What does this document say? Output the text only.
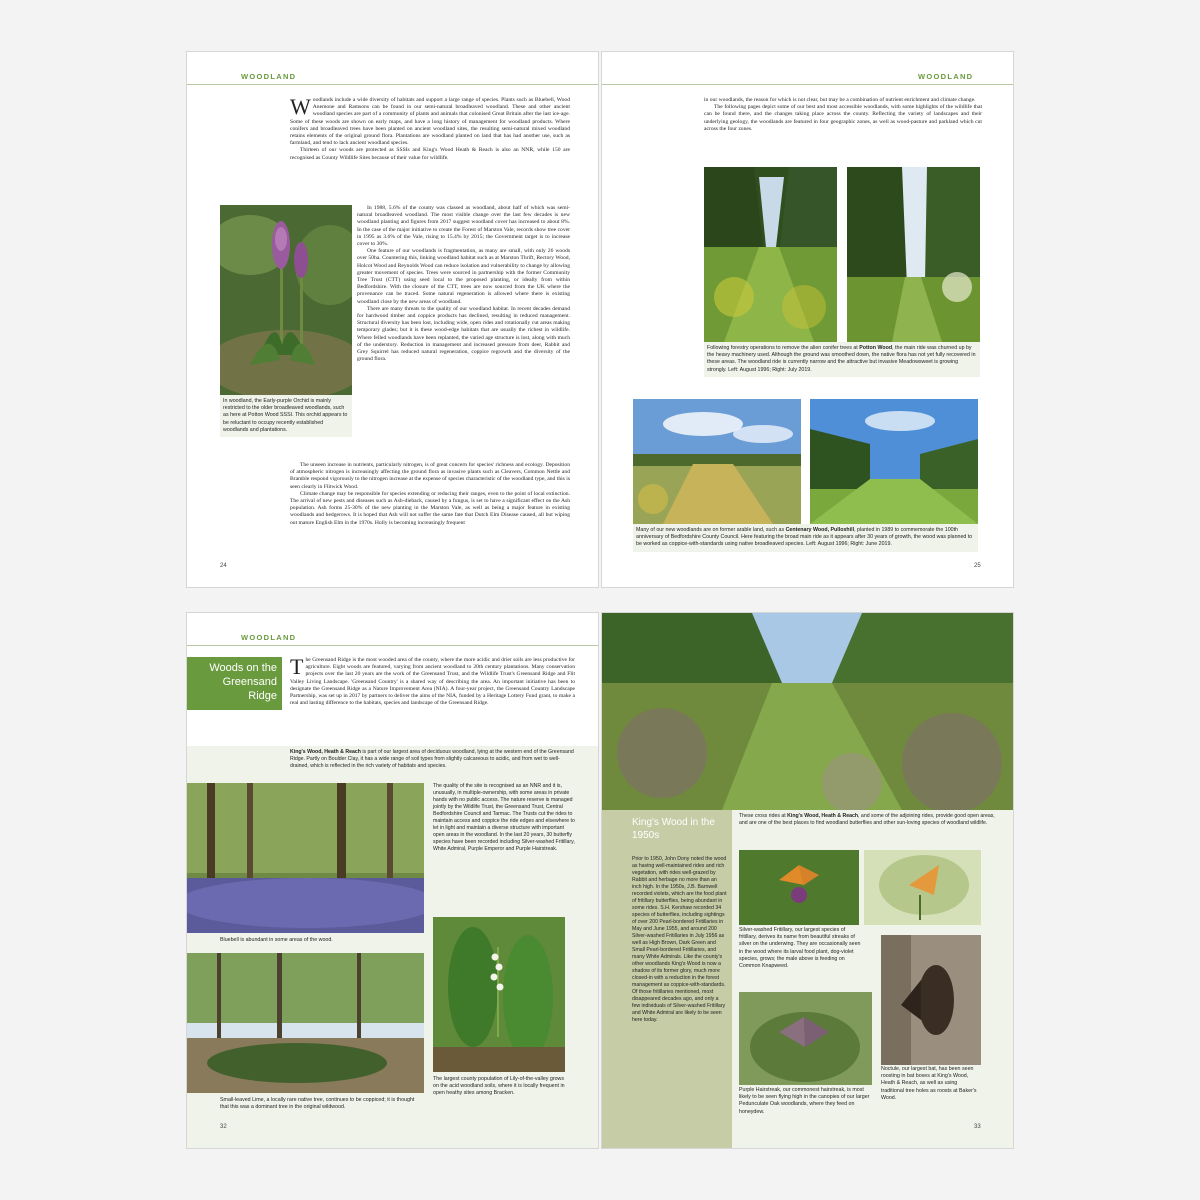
WOODLAND
Woodlands include a wide diversity of habitats and support a large range of species. Plants such as Bluebell, Wood Anemone and Ramsons can be found in our semi-natural broadleaved woodland. These and other ancient woodland species are part of a community of plants and animals that colonised Great Britain after the last ice-age. Some of these woods are shown on early maps, and have a long history of management for woodland products. Where conifers and broadleaved trees have been planted on ancient woodland sites, the resulting semi-natural mixed woodland retains elements of the original ground flora. Plantations are woodland planted on land that has had another use, such as farmland, and tend to lack ancient woodland species.

Thirteen of our woods are protected as SSSIs and King's Wood Heath & Reach is also an NNR, while 150 are recognised as County Wildlife Sites because of their value for wildlife.

In woodland, the Early-purple Orchid is mainly restricted to the older broadleaved woodlands, such as here at Potton Wood SSSI. This orchid appears to be reluctant to occupy recently established woodlands and plantations.

In 1988, 5.6% of the county was classed as woodland, about half of which was semi-natural broadleaved woodland. The most visible change over the last few decades is new woodland planting and figures from 2017 suggest woodland cover has increased to about 8%. In the case of the major initiative to create the Forest of Marston Vale, records show tree cover in 1995 as 3.6% of the Vale, rising to 15.4% by 2015; the Government target is to increase cover to 30%.

One feature of our woodlands is fragmentation, as many are small, with only 26 woods over 50ha. Countering this, linking woodland habitat such as at Marston Thrift, Rectory Wood, Holcot Wood and Reynolds Wood can reduce isolation and vulnerability to change by allowing greater movement of species. Trees were sourced in partnership with the former Community Tree Trust (CTT) using seed local to the proposed planting, or ideally from within Bedfordshire. With the closure of the CTT, trees are now sourced from the UK where the provenance can be traced. Some natural regeneration is allowed where there is existing woodland close by the new areas of woodland.

There are many threats to the quality of our woodland habitat. In recent decades demand for hardwood timber and coppice products has declined, resulting in reduced management. Structural diversity has been lost, including wide, open rides and rotationally cut areas making temporary glades; but it is these wood-edge habitats that are usually the richest in wildlife. Where felled woodlands have been replanted, the varied age structure is lost, along with much of the understory. Reduction in management and increased pressure from deer, Rabbit and Grey Squirrel has reduced natural regeneration, coppice regrowth and the diversity of the ground flora.

The unseen increase in nutrients, particularly nitrogen, is of great concern for species' richness and ecology. Deposition of atmospheric nitrogen is increasingly affecting the ground flora as invasive plants such as Cleavers, Common Nettle and Bramble respond vigorously to the nitrogen increase at the expense of species characteristic of the woodland type, and this is seen clearly in Flitwick Wood.

Climate change may be responsible for species extending or reducing their ranges, even to the point of local extinction. The arrival of new pests and diseases such as Ash-dieback, caused by a fungus, is set to have a significant effect on the Ash population. Ash forms 25-30% of the new planting in the Marston Vale, as well as being a major feature in existing woodlands and hedgerows. It is hoped that Ash will not suffer the same fate that Dutch Elm Disease caused, all but wiping out mature English Elm in the 1970s. Holly is becoming increasingly frequent

24
WOODLAND

in our woodlands, the reason for which is not clear, but may be a combination of nutrient enrichment and climate change.

The following pages depict some of our best and most accessible woodlands, with some highlights of the wildlife that can be found there, and the changes taking place across the county. Reflecting the variety of landscapes and their underlying geology, the woodlands are featured in four geographic zones, as well as wood-pasture and parkland which cut across the four zones.

Following forestry operations to remove the alien conifer trees at Potton Wood, the main ride was churned up by the heavy machinery used. Although the ground was smoothed down, the native flora has not yet fully recovered in these areas. The woodland ride is currently narrow and the attractive but invasive Meadowsweet is growing strongly. Left: August 1996; Right: July 2019.
Many of our new woodlands are on former arable land, such as Centenary Wood, Pulloxhill, planted in 1989 to commemorate the 100th anniversary of Bedfordshire County Council. Here featuring the broad main ride as it appears after 30 years of growth, the wood was planned to be worked as coppice-with-standards using native broadleaved species. Left: August 1996; Right: June 2019.
25
WOODLAND
Woods on the Greensand Ridge
The Greensand Ridge is the most wooded area of the county, where the more acidic and drier soils are less productive for agriculture. Eight woods are featured, varying from ancient woodland to 20th century plantations. Many conservation projects over the last 20 years are the work of the Greensand Trust, and the Wildlife Trust's Greensand Ridge and Flit Valley Living Landscape. 'Greensand Country' is a shared way of describing the area. An important initiative has been to designate the Greensand Ridge as a Nature Improvement Area (NIA). A four-year project, the Greensand Country Landscape Partnership, was set up in 2017 by partners to deliver the aims of the NIA, funded by a Heritage Lottery Fund grant, to make a real and lasting difference to the habitats, species and landscape of the Greensand Ridge.
King's Wood, Heath & Reach is part of our largest area of deciduous woodland, lying at the western end of the Greensand Ridge. Partly on Boulder Clay, it has a wide range of soil types from slightly calcareous to acidic, and from wet to well-drained, which is reflected in the rich variety of habitats and species.
Bluebell is abundant in some areas of the wood.
The quality of the site is recognised as an NNR and it is, unusually, in multiple-ownership, with some areas in private hands with no public access. The nature reserve is managed jointly by the Wildlife Trust, the Greensand Trust, Central Bedfordshire Council and Tarmac. The Trusts cut the rides to maintain access and coppice the ride edges and elsewhere to let in light and maintain a diverse structure with important open areas in the woodland. In the last 20 years, 30 butterfly species have been recorded including Silver-washed Fritillary, White Admiral, Purple Emperor and Purple Hairstreak.
Small-leaved Lime, a locally rare native tree, continues to be coppiced; it is thought that this was a dominant tree in the original wildwood.
The largest county population of Lily-of-the-valley grows on the acid woodland soils, where it is locally frequent in open heathy sites among Bracken.
32
King's Wood in the 1950s
Prior to 1950, John Dony noted the wood as having well-maintained rides and rich vegetation, with rides well-grazed by Rabbit and herbage no more than an inch high. In the 1950s, J.B. Barnwell recorded violets, which are the food plant of fritillary butterflies, being abundant in some rides. S.H. Kershaw recorded 34 species of butterflies, including sightings of over 200 Pearl-bordered Fritillaries in May and June 1955, and around 200 Silver-washed Fritillaries in July 1956 as well as High Brown, Dark Green and Small Pearl-bordered Fritillaries, and many White Admirals. Like the county's other woodlands King's Wood is now a shadow of its former glory, much more closed-in with a reduction in the forest management as coppice-with-standards. Of those fritillaries mentioned, most disappeared decades ago, and only a few individuals of Silver-washed Fritillary and White Admiral are likely to be seen here today.
These cross rides at King's Wood, Heath & Reach, and some of the adjoining rides, provide good open areas, and are one of the best places to find woodland butterflies and other sun-loving species of woodland wildlife.
Silver-washed Fritillary, our largest species of fritillary, derives its name from beautiful streaks of silver on the underwing. They are occasionally seen in the wood where its larval food plant, dog-violet species, grows; the male above is feeding on Common Knapweed.
Purple Hairstreak, our commonest hairstreak, is most likely to be seen flying high in the canopies of our larger Pedunculate Oak woodlands, where they feed on honeydew.
Noctule, our largest bat, has been seen roosting in bat boxes at King's Wood, Heath & Reach, as well as using traditional tree holes as roosts at Baker's Wood.
33
